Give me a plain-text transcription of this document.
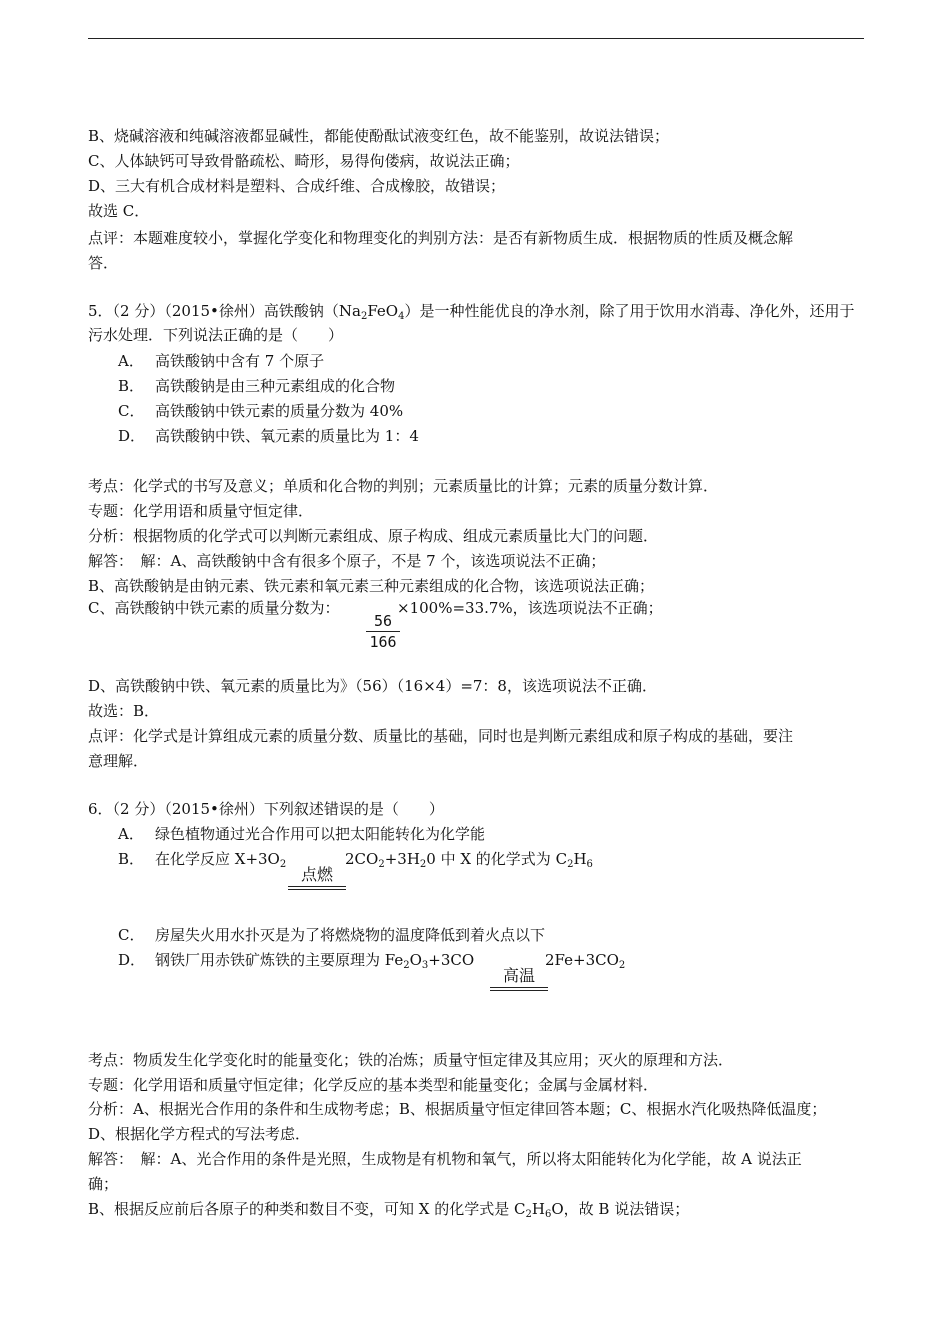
B、烧碱溶液和纯碱溶液都显碱性，都能使酚酞试液变红色，故不能鉴别，故说法错误；
C、人体缺钙可导致骨骼疏松、畸形，易得佝偻病，故说法正确；
D、三大有机合成材料是塑料、合成纤维、合成橡胶，故错误；
故选 C．
点评：本题难度较小，掌握化学变化和物理变化的判别方法：是否有新物质生成．根据物质的性质及概念解
答．
5．（2 分）（2015•徐州）高铁酸钠$(Na_2FeO_4)$是一种性能优良的净水剂，除了用于饮用水消毒、净化外，还用于
污水处理．下列说法正确的是（　　）
A． 高铁酸钠中含有 7 个原子
B． 高铁酸钠是由三种元素组成的化合物
C． 高铁酸钠中铁元素的质量分数为 40%
D． 高铁酸钠中铁、氧元素的质量比为 1：4
考点：化学式的书写及意义；单质和化合物的判别；元素质量比的计算；元素的质量分数计算．
专题：化学用语和质量守恒定律．
分析：根据物质的化学式可以判断元素组成、原子构成、组成元素质量比大门的问题．
解答：　解：A、高铁酸钠中含有很多个原子，不是 7 个，该选项说法不正确；
B、高铁酸钠是由钠元素、铁元素和氧元素三种元素组成的化合物，该选项说法正确；
C、高铁酸钠中铁元素的质量分数为：
56
166
×100%=33.7%，该选项说法不正确；
D、高铁酸钠中铁、氧元素的质量比为》（56）（16×4）=7：8，该选项说法不正确．
故选：B．
点评：化学式是计算组成元素的质量分数、质量比的基础，同时也是判断元素组成和原子构成的基础，要注
意理解．
6．（2 分）（2015•徐州）下列叙述错误的是（　　）
A． 绿色植物通过光合作用可以把太阳能转化为化学能
B． 在化学反应 $X+3O_2$
点燃
$2CO_2+3H_20$ 中 X 的化学式为 $C_2H_6$
C． 房屋失火用水扑灭是为了将燃烧物的温度降低到着火点以下
D． 钢铁厂用赤铁矿炼铁的主要原理为 $Fe_2O_3+3CO$
高温
$2Fe+3CO_2$
考点：物质发生化学变化时的能量变化；铁的冶炼；质量守恒定律及其应用；灭火的原理和方法．
专题：化学用语和质量守恒定律；化学反应的基本类型和能量变化；金属与金属材料．
分析：A、根据光合作用的条件和生成物考虑；B、根据质量守恒定律回答本题；C、根据水汽化吸热降低温度；
D、根据化学方程式的写法考虑．
解答：　解：A、光合作用的条件是光照，生成物是有机物和氧气，所以将太阳能转化为化学能，故 A 说法正
确；
B、根据反应前后各原子的种类和数目不变，可知 X 的化学式是 $C_2H_6O$，故 B 说法错误；
